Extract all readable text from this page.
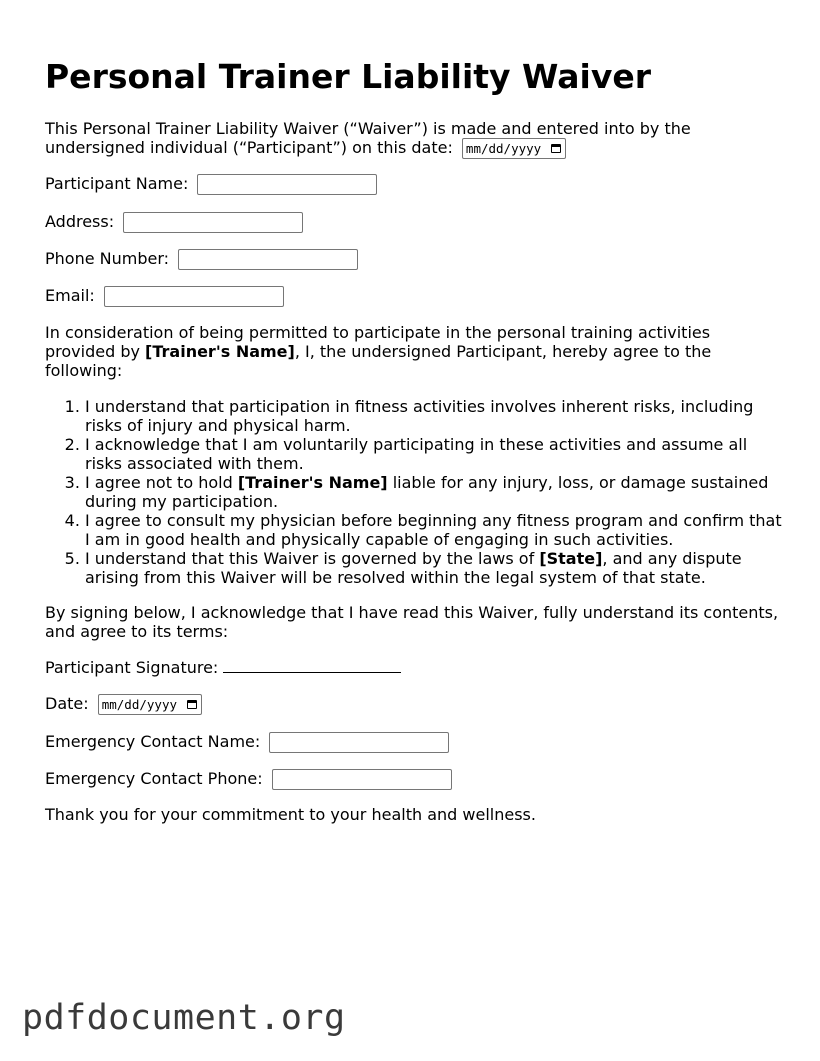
Personal Trainer Liability Waiver
This Personal Trainer Liability Waiver (“Waiver”) is made and entered into by the undersigned individual (“Participant”) on this date: mm/dd/yyyy
Participant Name:
Address:
Phone Number:
Email:
In consideration of being permitted to participate in the personal training activities provided by [Trainer's Name], I, the undersigned Participant, hereby agree to the following:
1. I understand that participation in fitness activities involves inherent risks, including risks of injury and physical harm.
2. I acknowledge that I am voluntarily participating in these activities and assume all risks associated with them.
3. I agree not to hold [Trainer's Name] liable for any injury, loss, or damage sustained during my participation.
4. I agree to consult my physician before beginning any fitness program and confirm that I am in good health and physically capable of engaging in such activities.
5. I understand that this Waiver is governed by the laws of [State], and any dispute arising from this Waiver will be resolved within the legal system of that state.
By signing below, I acknowledge that I have read this Waiver, fully understand its contents, and agree to its terms:
Participant Signature:
Date: mm/dd/yyyy
Emergency Contact Name:
Emergency Contact Phone:
Thank you for your commitment to your health and wellness.
pdfdocument.org
